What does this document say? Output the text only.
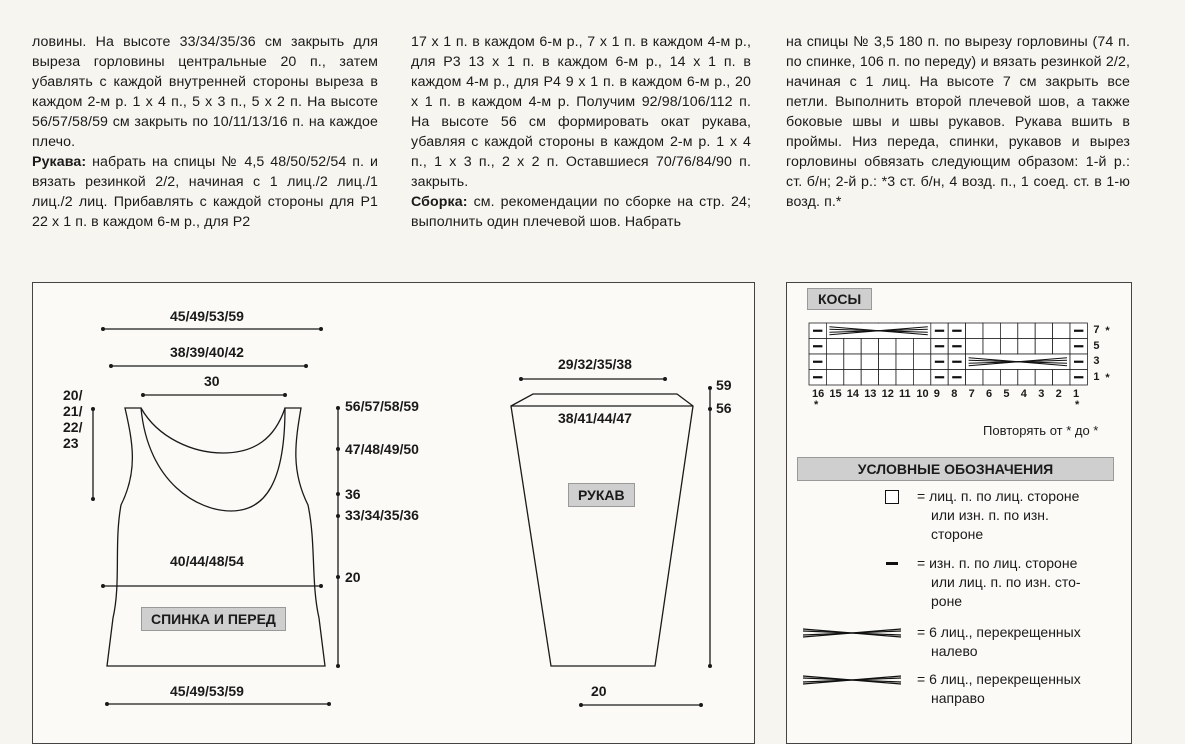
ловины. На высоте 33/34/35/36 см закрыть для выреза горловины центральные 20 п., затем убавлять с каждой внутренней стороны выреза в каждом 2-м р. 1 x 4 п., 5 x 3 п., 5 x 2 п. На высоте 56/57/58/59 см закрыть по 10/11/13/16 п. на каждое плечо.

Рукава: набрать на спицы № 4,5 48/50/52/54 п. и вязать резинкой 2/2, начиная с 1 лиц./2 лиц./1 лиц./2 лиц. Прибавлять с каждой стороны для Р1 22 x 1 п. в каждом 6-м р., для Р2

17 x 1 п. в каждом 6-м р., 7 x 1 п. в каждом 4-м р., для Р3 13 x 1 п. в каждом 6-м р., 14 x 1 п. в каждом 4-м р., для Р4 9 x 1 п. в каждом 6-м р., 20 x 1 п. в каждом 4-м р. Получим 92/98/106/112 п. На высоте 56 см формировать окат рукава, убавляя с каждой стороны в каждом 2-м р. 1 x 4 п., 1 x 3 п., 2 x 2 п. Оставшиеся 70/76/84/90 п. закрыть.

Сборка: см. рекомендации по сборке на стр. 24; выполнить один плечевой шов. Набрать

на спицы № 3,5 180 п. по вырезу горловины (74 п. по спинке, 106 п. по переду) и вязать резинкой 2/2, начиная с 1 лиц. На высоте 7 см закрыть все петли. Выполнить второй плечевой шов, а также боковые швы и швы рукавов. Рукава вшить в проймы. Низ переда, спинки, рукавов и вырез горловины обвязать следующим образом: 1-й р.: ст. б/н; 2-й р.: *3 ст. б/н, 4 возд. п., 1 соед. ст. в 1-ю возд. п.*

45/49/53/59
38/39/40/42
30
20/
21/
22/
23
56/57/58/59
47/48/49/50
36
33/34/35/36
40/44/48/54
20
СПИНКА И ПЕРЕД
45/49/53/59
29/32/35/38
38/41/44/47
59
56
РУКАВ
20
КОСЫ
7
5
3
1
*
*
16 15 14 13 12 11 10 9 8 7 6 5 4 3 2 1
*	*
Повторять от * до *
УСЛОВНЫЕ ОБОЗНАЧЕНИЯ
= лиц. п. по лиц. стороне
или изн. п. по изн.
стороне
= изн. п. по лиц. стороне
или лиц. п. по изн. сто-
роне
= 6 лиц., перекрещенных
налево
= 6 лиц., перекрещенных
направо
